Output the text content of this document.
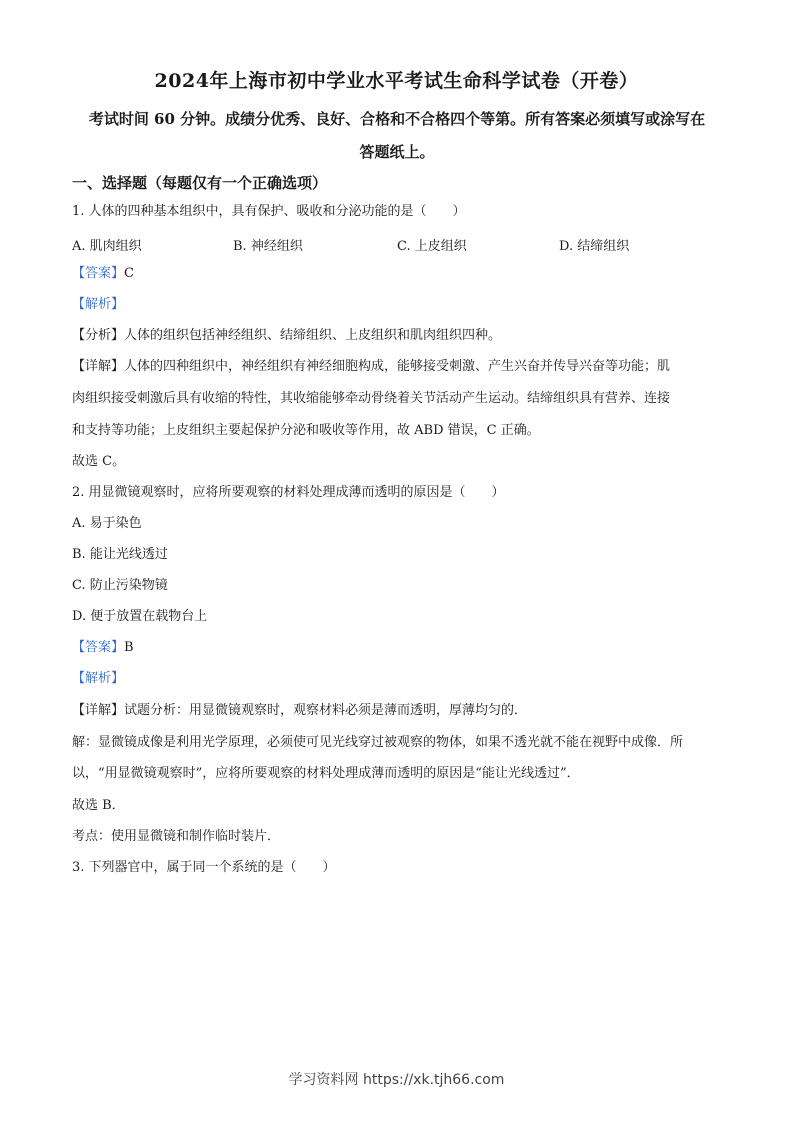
2024年上海市初中学业水平考试生命科学试卷（开卷）
考试时间 60 分钟。成绩分优秀、良好、合格和不合格四个等第。所有答案必须填写或涂写在
答题纸上。
一、选择题（每题仅有一个正确选项）
1. 人体的四种基本组织中，具有保护、吸收和分泌功能的是（　　）
A. 肌肉组织	B. 神经组织	C. 上皮组织	D. 结缔组织
【答案】C
【解析】
【分析】人体的组织包括神经组织、结缔组织、上皮组织和肌肉组织四种。
【详解】人体的四种组织中，神经组织有神经细胞构成，能够接受刺激、产生兴奋并传导兴奋等功能；肌
肉组织接受刺激后具有收缩的特性，其收缩能够牵动骨绕着关节活动产生运动。结缔组织具有营养、连接
和支持等功能；上皮组织主要起保护分泌和吸收等作用，故 ABD 错误，C 正确。
故选 C。
2. 用显微镜观察时，应将所要观察的材料处理成薄而透明的原因是（　　）
A. 易于染色
B. 能让光线透过
C. 防止污染物镜
D. 便于放置在载物台上
【答案】B
【解析】
【详解】试题分析：用显微镜观察时，观察材料必须是薄而透明，厚薄均匀的．
解：显微镜成像是利用光学原理，必须使可见光线穿过被观察的物体，如果不透光就不能在视野中成像．所
以，“用显微镜观察时”，应将所要观察的材料处理成薄而透明的原因是“能让光线透过”．
故选 B．
考点：使用显微镜和制作临时装片．
3. 下列器官中，属于同一个系统的是（　　）
学习资料网 https://xk.tjh66.com
